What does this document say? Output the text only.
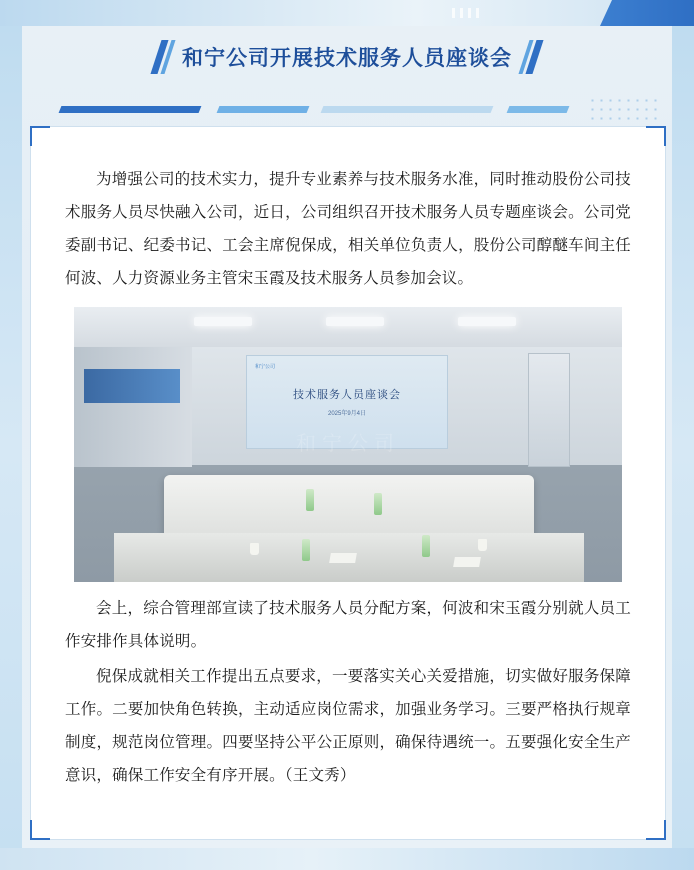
和宁公司开展技术服务人员座谈会

为增强公司的技术实力，提升专业素养与技术服务水准，同时推动股份公司技术服务人员尽快融入公司，近日，公司组织召开技术服务人员专题座谈会。公司党委副书记、纪委书记、工会主席倪保成，相关单位负责人，股份公司醇醚车间主任何波、人力资源业务主管宋玉霞及技术服务人员参加会议。

和宁公司
技术服务人员座谈会
2025年9月4日
和宁公司

会上，综合管理部宣读了技术服务人员分配方案，何波和宋玉霞分别就人员工作安排作具体说明。

倪保成就相关工作提出五点要求，一要落实关心关爱措施，切实做好服务保障工作。二要加快角色转换，主动适应岗位需求，加强业务学习。三要严格执行规章制度，规范岗位管理。四要坚持公平公正原则，确保待遇统一。五要强化安全生产意识，确保工作安全有序开展。（王文秀）
